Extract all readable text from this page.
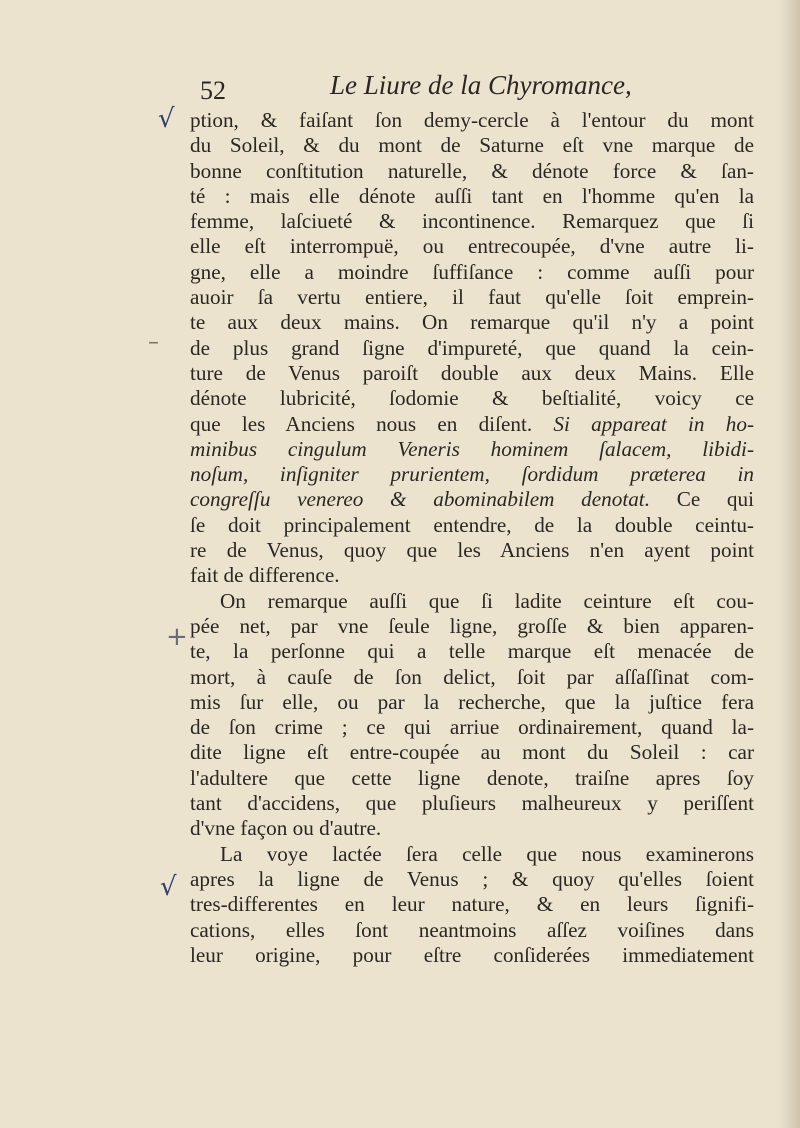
52	Le Liure de la Chyromance,
√
–
+
√
ption, & faiſant ſon demy-cercle à l'entour du mont
du Soleil, & du mont de Saturne eſt vne marque de
bonne conſtitution naturelle, & dénote force & ſan-
té : mais elle dénote auſſi tant en l'homme qu'en la
femme, laſciueté & incontinence. Remarquez que ſi
elle eſt interrompuë, ou entrecoupée, d'vne autre li-
gne, elle a moindre ſuffiſance : comme auſſi pour
auoir ſa vertu entiere, il faut qu'elle ſoit emprein-
te aux deux mains. On remarque qu'il n'y a point
de plus grand ſigne d'impureté, que quand la cein-
ture de Venus paroiſt double aux deux Mains. Elle
dénote lubricité, ſodomie & beſtialité, voicy ce
que les Anciens nous en diſent. Si appareat in ho-
minibus cingulum Veneris hominem ſalacem, libidi-
noſum, inſigniter prurientem, ſordidum præterea in
congreſſu venereo & abominabilem denotat. Ce qui
ſe doit principalement entendre, de la double ceintu-
re de Venus, quoy que les Anciens n'en ayent point
fait de difference.
On remarque auſſi que ſi ladite ceinture eſt cou-
pée net, par vne ſeule ligne, groſſe & bien apparen-
te, la perſonne qui a telle marque eſt menacée de
mort, à cauſe de ſon delict, ſoit par aſſaſſinat com-
mis ſur elle, ou par la recherche, que la juſtice fera
de ſon crime ; ce qui arriue ordinairement, quand la-
dite ligne eſt entre-coupée au mont du Soleil : car
l'adultere que cette ligne denote, traiſne apres ſoy
tant d'accidens, que pluſieurs malheureux y periſſent
d'vne façon ou d'autre.
La voye lactée ſera celle que nous examinerons
apres la ligne de Venus ; & quoy qu'elles ſoient
tres-differentes en leur nature, & en leurs ſignifi-
cations, elles ſont neantmoins aſſez voiſines dans
leur origine, pour eſtre conſiderées immediatement
